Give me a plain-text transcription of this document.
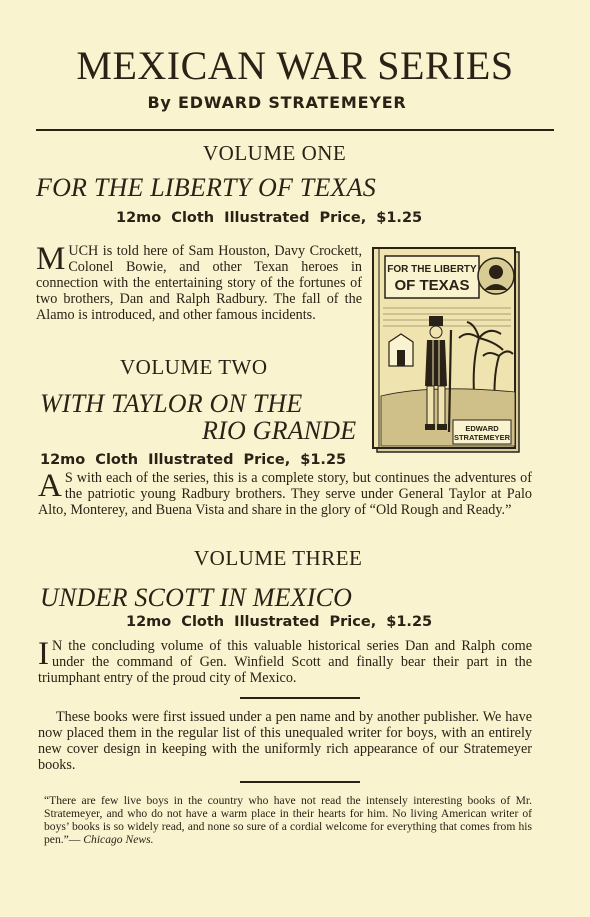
MEXICAN WAR SERIES
By EDWARD STRATEMEYER
VOLUME ONE
FOR THE LIBERTY OF TEXAS
12mo Cloth Illustrated Price, $1.25
MUCH is told here of Sam Houston, Davy Crockett, Colonel Bowie, and other Texan heroes in connection with the entertaining story of the fortunes of two brothers, Dan and Ralph Radbury. The fall of the Alamo is introduced, and other famous incidents.
VOLUME TWO
WITH TAYLOR ON THE
RIO GRANDE
12mo Cloth Illustrated Price, $1.25
A S with each of the series, this is a complete story, but continues the adventures of the patriotic young Radbury brothers. They serve under General Taylor at Palo Alto, Monterey, and Buena Vista and share in the glory of “Old Rough and Ready.”
VOLUME THREE
UNDER SCOTT IN MEXICO
12mo Cloth Illustrated Price, $1.25
I N the concluding volume of this valuable historical series Dan and Ralph come under the command of Gen. Winfield Scott and finally bear their part in the triumphant entry of the proud city of Mexico.
These books were first issued under a pen name and by another publisher. We have now placed them in the regular list of this unequaled writer for boys, with an entirely new cover design in keeping with the uniformly rich appearance of our Stratemeyer books.
“There are few live boys in the country who have not read the intensely interesting books of Mr. Stratemeyer, and who do not have a warm place in their hearts for him. No living American writer of boys’ books is so widely read, and none so sure of a cordial welcome for everything that comes from his pen.”— Chicago News.
FOR THE LIBERTY
OF TEXAS
EDWARD
STRATEMEYER
